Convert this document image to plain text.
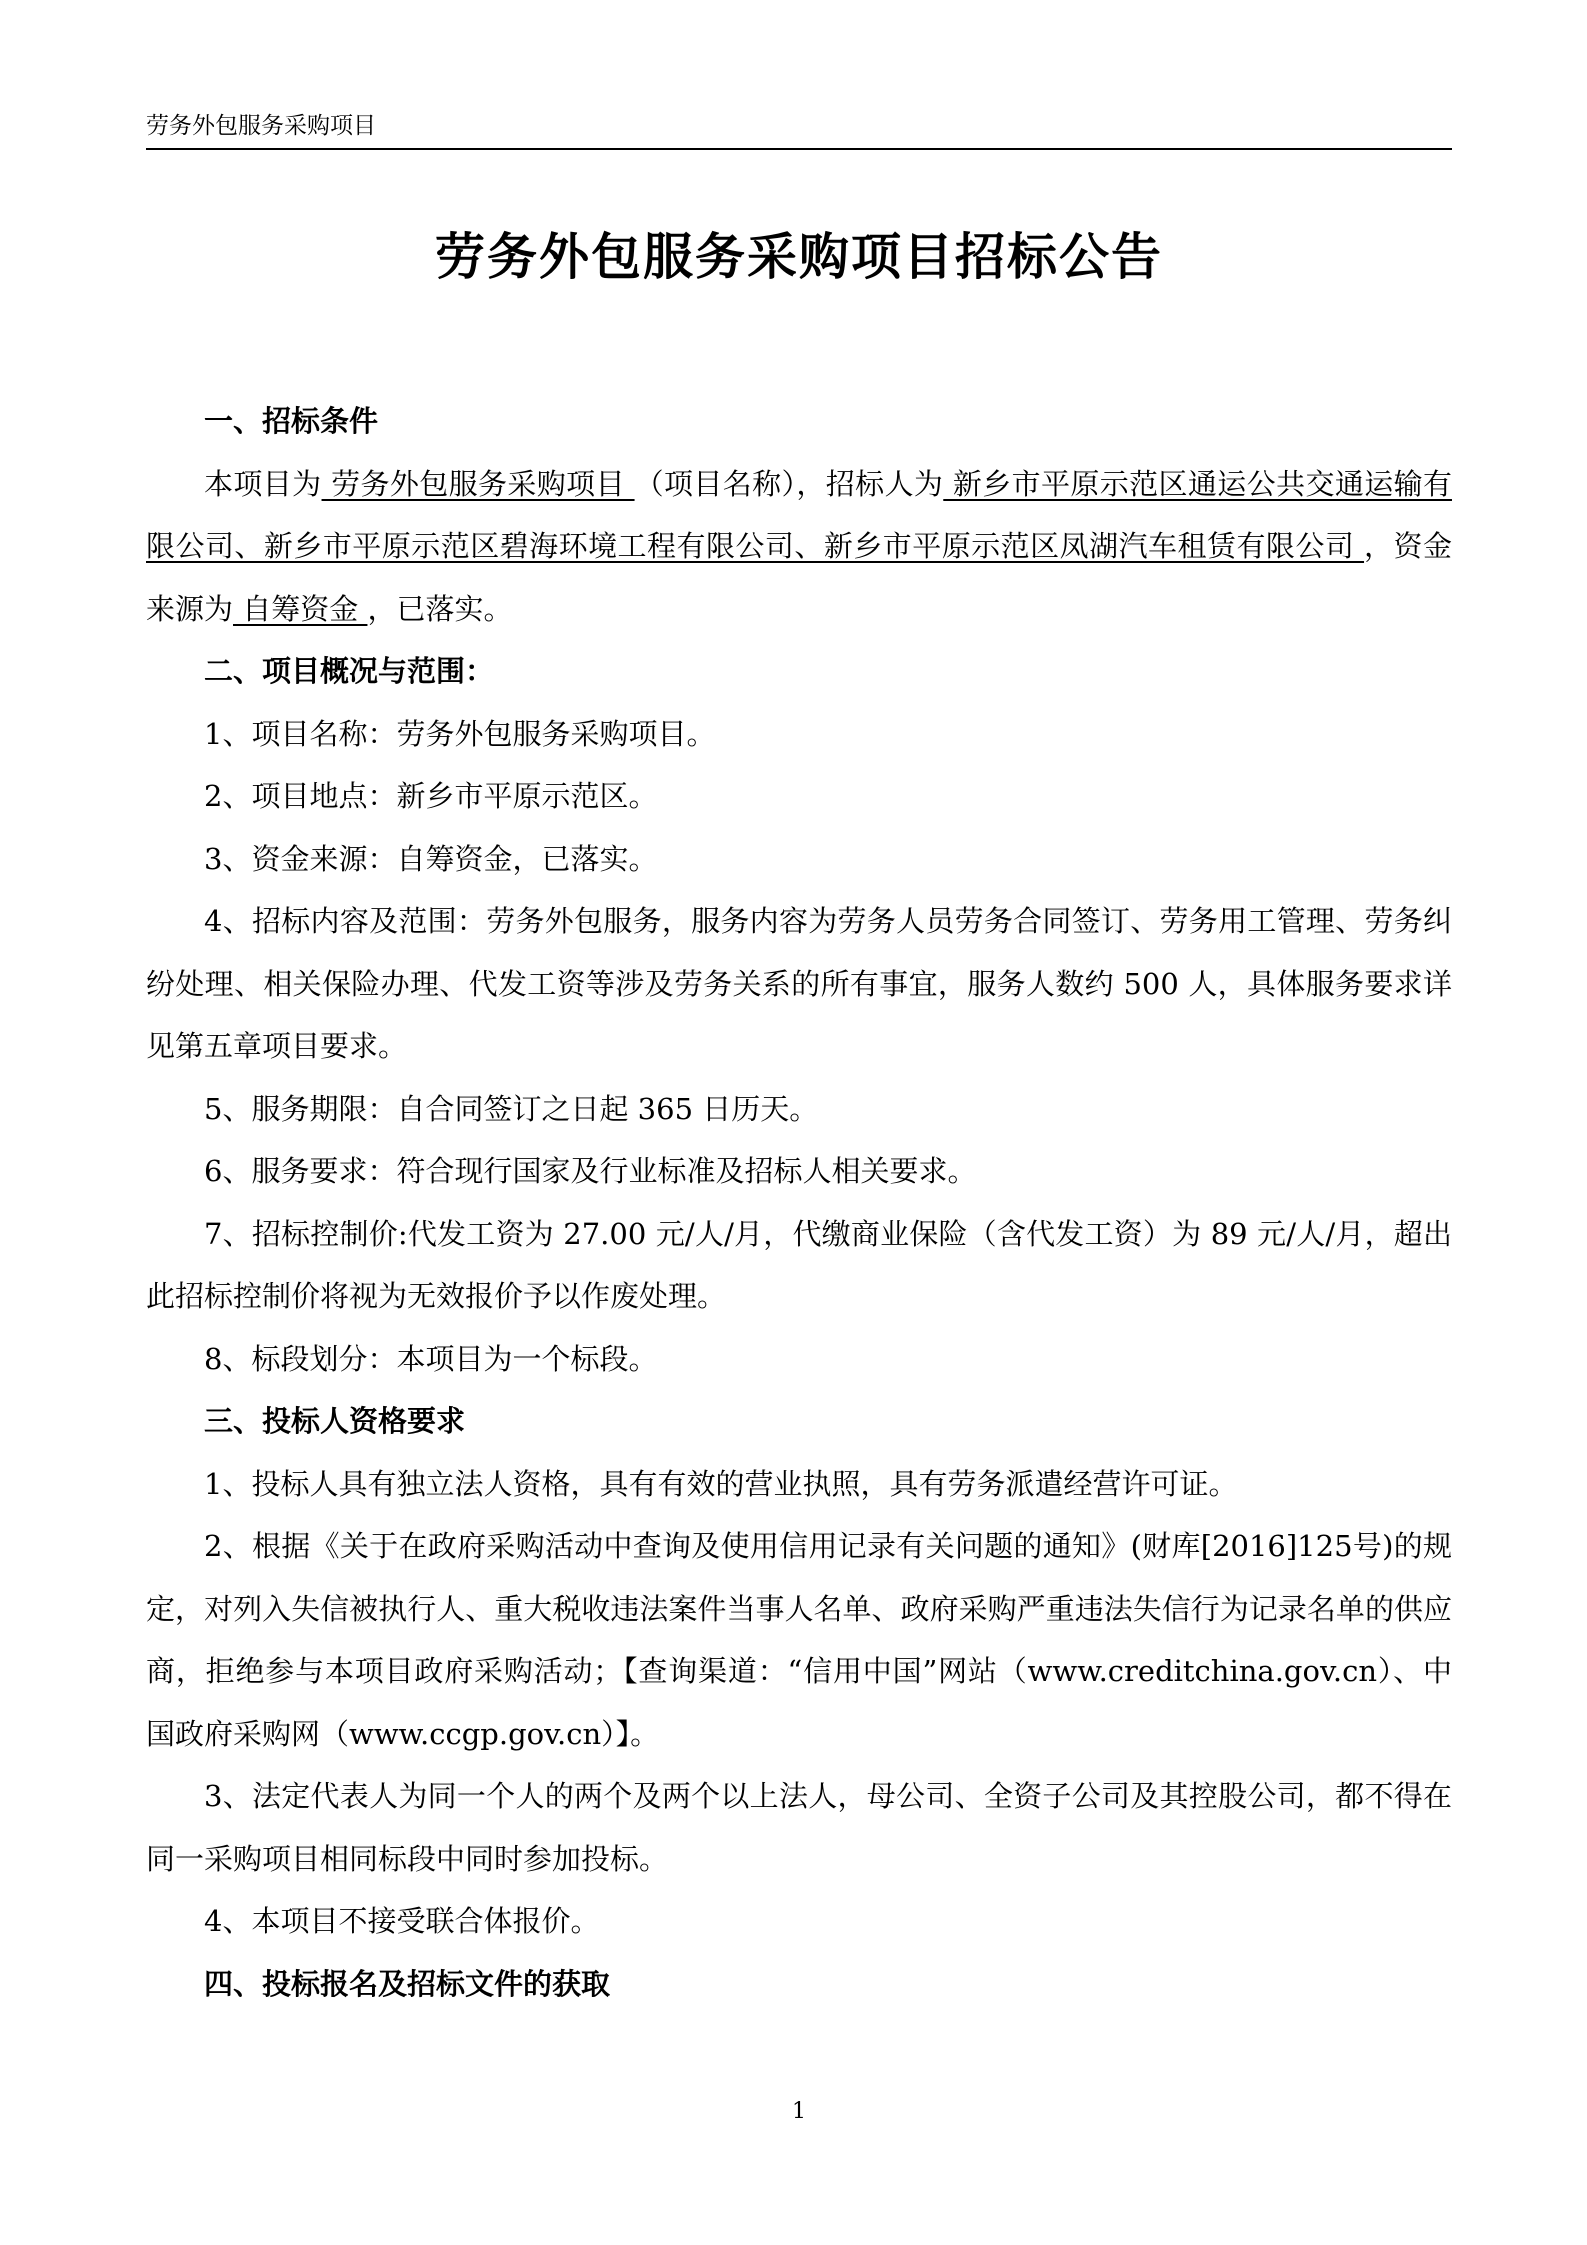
劳务外包服务采购项目
劳务外包服务采购项目招标公告

一、招标条件

本项目为 劳务外包服务采购项目 （项目名称），招标人为 新乡市平原示范区通运公共交通运输有限公司、新乡市平原示范区碧海环境工程有限公司、新乡市平原示范区凤湖汽车租赁有限公司 ，资金来源为 自筹资金 ，已落实。

二、项目概况与范围：

1、项目名称：劳务外包服务采购项目。

2、项目地点：新乡市平原示范区。

3、资金来源：自筹资金，已落实。

4、招标内容及范围：劳务外包服务，服务内容为劳务人员劳务合同签订、劳务用工管理、劳务纠纷处理、相关保险办理、代发工资等涉及劳务关系的所有事宜，服务人数约 500 人，具体服务要求详见第五章项目要求。

5、服务期限：自合同签订之日起 365 日历天。

6、服务要求：符合现行国家及行业标准及招标人相关要求。

7、招标控制价:代发工资为 27.00 元/人/月，代缴商业保险（含代发工资）为 89 元/人/月，超出此招标控制价将视为无效报价予以作废处理。

8、标段划分：本项目为一个标段。

三、投标人资格要求

1、投标人具有独立法人资格，具有有效的营业执照，具有劳务派遣经营许可证。

2、根据《关于在政府采购活动中查询及使用信用记录有关问题的通知》(财库[2016]125号)的规定，对列入失信被执行人、重大税收违法案件当事人名单、政府采购严重违法失信行为记录名单的供应商，拒绝参与本项目政府采购活动；【查询渠道：“信用中国”网站（www.creditchina.gov.cn）、中国政府采购网（www.ccgp.gov.cn）】。

3、法定代表人为同一个人的两个及两个以上法人，母公司、全资子公司及其控股公司，都不得在同一采购项目相同标段中同时参加投标。

4、本项目不接受联合体报价。

四、投标报名及招标文件的获取

1
